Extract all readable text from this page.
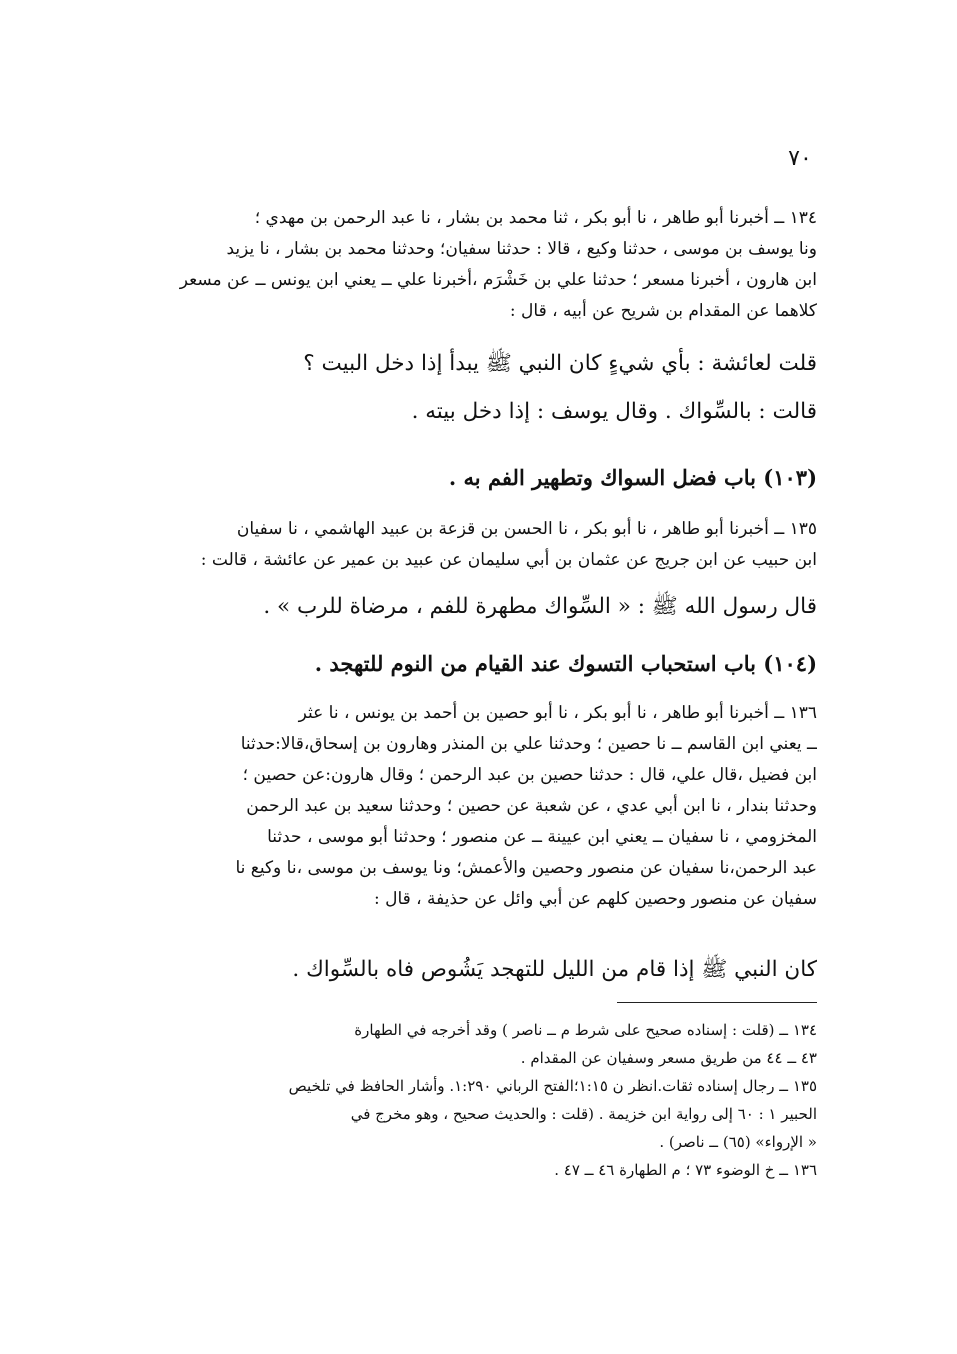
٧٠
١٣٤ ــ أخبرنا أبو طاهر ، نا أبو بكر ، ثنا محمد بن بشار ، نا عبد الرحمن بن مهدي ؛
ونا يوسف بن موسى ، حدثنا وكيع ، قالا : حدثنا سفيان؛ وحدثنا محمد بن بشار ، نا يزيد
ابن هارون ، أخبرنا مسعر ؛ حدثنا علي بن خَشْرَم ،أخبرنا علي ــ يعني ابن يونس ــ عن مسعر
كلاهما عن المقدام بن شريح عن أبيه ، قال :
قلت لعائشة : بأي شيءٍ كان النبي ﷺ يبدأ إذا دخل البيت ؟
قالت : بالسِّواك . وقال يوسف : إذا دخل بيته .
(١٠٣) باب فضل السواك وتطهير الفم به .
١٣٥ ــ أخبرنا أبو طاهر ، نا أبو بكر ، نا الحسن بن قزعة بن عبيد الهاشمي ، نا سفيان
ابن حبيب عن ابن جريج عن عثمان بن أبي سليمان عن عبيد بن عمير عن عائشة ، قالت :
قال رسول الله ﷺ : « السِّواك مطهرة للفم ، مرضاة للرب » .
(١٠٤) باب استحباب التسوك عند القيام من النوم للتهجد .
١٣٦ ــ أخبرنا أبو طاهر ، نا أبو بكر ، نا أبو حصين بن أحمد بن يونس ، نا عثر
ــ يعني ابن القاسم ــ نا حصين ؛ وحدثنا علي بن المنذر وهارون بن إسحاق،قالا:حدثنا
ابن فضيل ،قال علي، قال : حدثنا حصين بن عبد الرحمن ؛ وقال هارون:عن حصين ؛
وحدثنا بندار ، نا ابن أبي عدي ، عن شعبة عن حصين ؛ وحدثنا سعيد بن عبد الرحمن
المخزومي ، نا سفيان ــ يعني ابن عيينة ــ عن منصور ؛ وحدثنا أبو موسى ، حدثنا
عبد الرحمن،نا سفيان عن منصور وحصين والأعمش؛ ونا يوسف بن موسى ،نا وكيع نا
سفيان عن منصور وحصين كلهم عن أبي وائل عن حذيفة ، قال :
كان النبي ﷺ إذا قام من الليل للتهجد يَشُوص فاه بالسِّواك .
١٣٤ ــ (قلت : إسناده صحيح على شرط م ــ ناصر ) وقد أخرجه في الطهارة
٤٣ ــ ٤٤ من طريق مسعر وسفيان عن المقدام .
١٣٥ ــ رجال إسناده ثقات.انظر ن ١:١٥؛الفتح الرباني ١:٢٩٠. وأشار الحافظ في تلخيص
الحبير ١ : ٦٠ إلى رواية ابن خزيمة . (قلت : والحديث صحيح ، وهو مخرج في
« الإرواء» (٦٥) ــ ناصر) .
١٣٦ ــ خ الوضوء ٧٣ ؛ م الطهارة ٤٦ ــ ٤٧ .
